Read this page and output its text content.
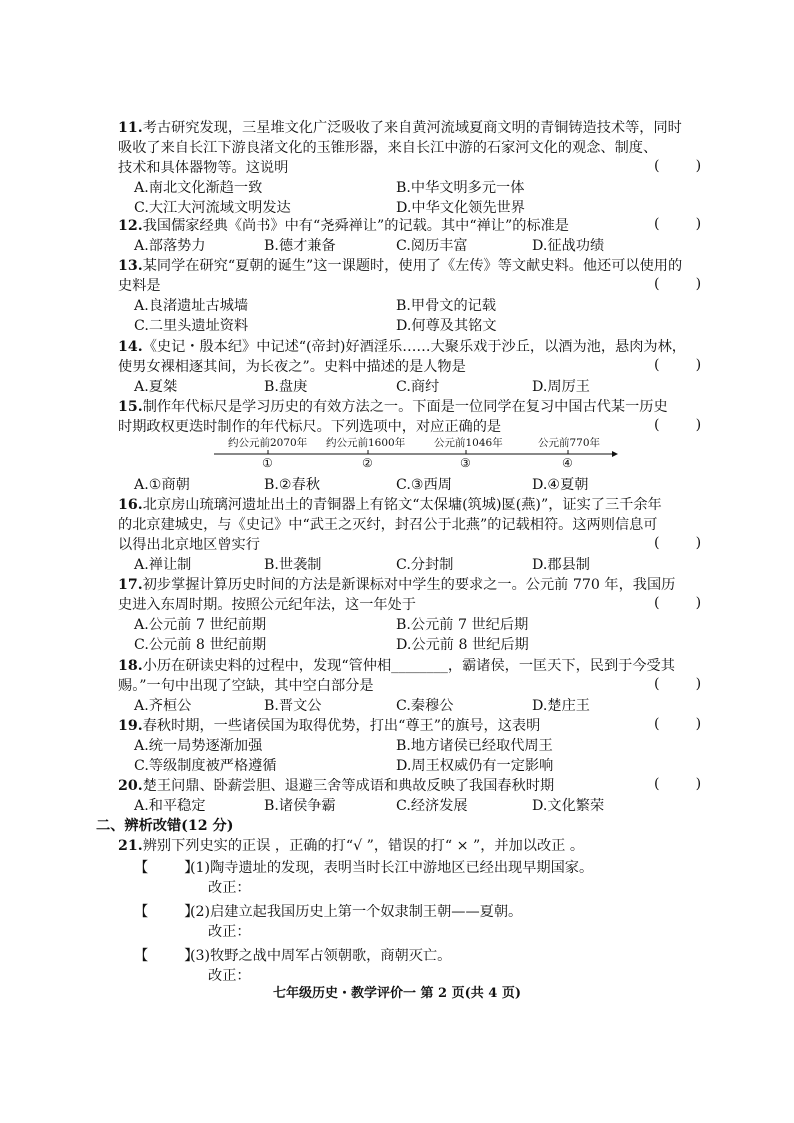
11.考古研究发现，三星堆文化广泛吸收了来自黄河流域夏商文明的青铜铸造技术等，同时
吸收了来自长江下游良渚文化的玉锥形器，来自长江中游的石家河文化的观念、制度、
技术和具体器物等。这说明	(        )
A.南北文化渐趋一致	B.中华文明多元一体
C.大江大河流域文明发达	D.中华文化领先世界
12.我国儒家经典《尚书》中有“尧舜禅让”的记载。其中“禅让”的标准是	(        )
A.部落势力	B.德才兼备	C.阅历丰富	D.征战功绩
13.某同学在研究“夏朝的诞生”这一课题时，使用了《左传》等文献史料。他还可以使用的
史料是	(        )
A.良渚遗址古城墙	B.甲骨文的记载
C.二里头遗址资料	D.何尊及其铭文
14.《史记・殷本纪》中记述“(帝封)好酒淫乐……大聚乐戏于沙丘，以酒为池，悬肉为林，
使男女裸相逐其间，为长夜之”。史料中描述的是人物是	(        )
A.夏桀	B.盘庚	C.商纣	D.周厉王
15.制作年代标尺是学习历史的有效方法之一。下面是一位同学在复习中国古代某一历史
时期政权更迭时制作的年代标尺。下列选项中，对应正确的是	(        )
约公元前2070年 约公元前1600年	公元前1046年	公元前770年
①	②	③	④
A.①商朝	B.②春秋	C.③西周	D.④夏朝
16.北京房山琉璃河遗址出土的青铜器上有铭文“太保墉(筑城)匽(燕)”，证实了三千余年
的北京建城史，与《史记》中“武王之灭纣，封召公于北燕”的记载相符。这两则信息可
以得出北京地区曾实行	(        )
A.禅让制	B.世袭制	C.分封制	D.郡县制
17.初步掌握计算历史时间的方法是新课标对中学生的要求之一。公元前 770 年，我国历
史进入东周时期。按照公元纪年法，这一年处于	(        )
A.公元前 7 世纪前期	B.公元前 7 世纪后期
C.公元前 8 世纪前期	D.公元前 8 世纪后期
18.小历在研读史料的过程中，发现“管仲相________，霸诸侯，一匡天下，民到于今受其
赐。”一句中出现了空缺，其中空白部分是	(        )
A.齐桓公	B.晋文公	C.秦穆公	D.楚庄王
19.春秋时期，一些诸侯国为取得优势，打出“尊王”的旗号，这表明	(        )
A.统一局势逐渐加强	B.地方诸侯已经取代周王
C.等级制度被严格遵循	D.周王权威仍有一定影响
20.楚王问鼎、卧薪尝胆、退避三舍等成语和典故反映了我国春秋时期	(        )
A.和平稳定	B.诸侯争霸	C.经济发展	D.文化繁荣
二、辨析改错(12 分)
21.辨别下列史实的正误 ，正确的打“√ ”，错误的打“ × ”，并加以改正 。
【        】
(1)陶寺遗址的发现，表明当时长江中游地区已经出现早期国家。
改正：
【        】
(2)启建立起我国历史上第一个奴隶制王朝——夏朝。
改正：
【        】
(3)牧野之战中周军占领朝歌，商朝灭亡。
改正：
七年级历史・教学评价一 第 2 页(共 4 页)
